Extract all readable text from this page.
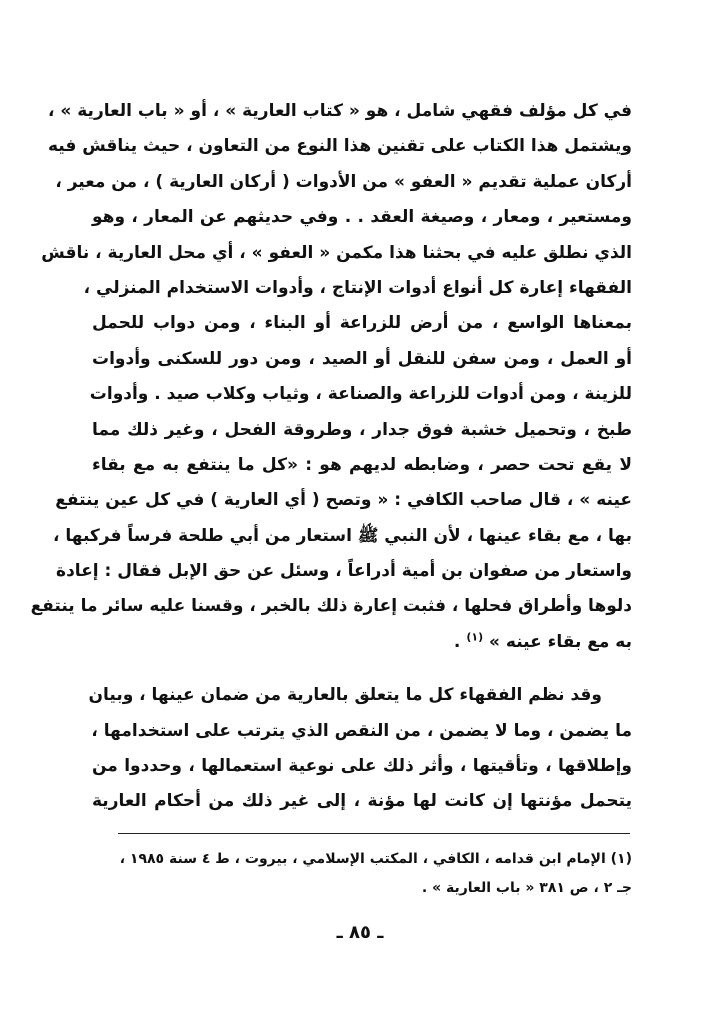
في كل مؤلف فقهي شامل ، هو « كتاب العارية » ، أو « باب العارية » ،
ويشتمل هذا الكتاب على تقنين هذا النوع من التعاون ، حيث يناقش فيه
أركان عملية تقديم « العفو » من الأدوات ( أركان العارية ) ، من معير ،
ومستعير ، ومعار ، وصيغة العقد . . وفي حديثهم عن المعار ، وهو
الذي نطلق عليه في بحثنا هذا مكمن « العفو » ، أي محل العارية ، ناقش
الفقهاء إعارة كل أنواع أدوات الإنتاج ، وأدوات الاستخدام المنزلي ،
بمعناها الواسع ، من أرض للزراعة أو البناء ، ومن دواب للحمل
أو العمل ، ومن سفن للنقل أو الصيد ، ومن دور للسكنى وأدوات
للزينة ، ومن أدوات للزراعة والصناعة ، وثياب وكلاب صيد . وأدوات
طبخ ، وتحميل خشبة فوق جدار ، وطروقة الفحل ، وغير ذلك مما
لا يقع تحت حصر ، وضابطه لديهم هو : «كل ما ينتفع به مع بقاء
عينه » ، قال صاحب الكافي : « وتصح ( أي العارية ) في كل عين ينتفع
بها ، مع بقاء عينها ، لأن النبي ﷺ استعار من أبي طلحة فرساً فركبها ،
واستعار من صفوان بن أمية أدراعاً ، وسئل عن حق الإبل فقال : إعادة
دلوها وأطراق فحلها ، فثبت إعارة ذلك بالخبر ، وقسنا عليه سائر ما ينتفع
به مع بقاء عينه » $^{(١)}$ .
وقد نظم الفقهاء كل ما يتعلق بالعارية من ضمان عينها ، وبيان
ما يضمن ، وما لا يضمن ، من النقص الذي يترتب على استخدامها ،
وإطلاقها ، وتأقيتها ، وأثر ذلك على نوعية استعمالها ، وحددوا من
يتحمل مؤنتها إن كانت لها مؤنة ، إلى غير ذلك من أحكام العارية
(١) الإمام ابن قدامه ، الكافي ، المكتب الإسلامي ، بيروت ، ط ٤ سنة ١٩٨٥ ،
جـ ٢ ، ص ٣٨١ « باب العارية » .
ـ ٨٥ ـ
